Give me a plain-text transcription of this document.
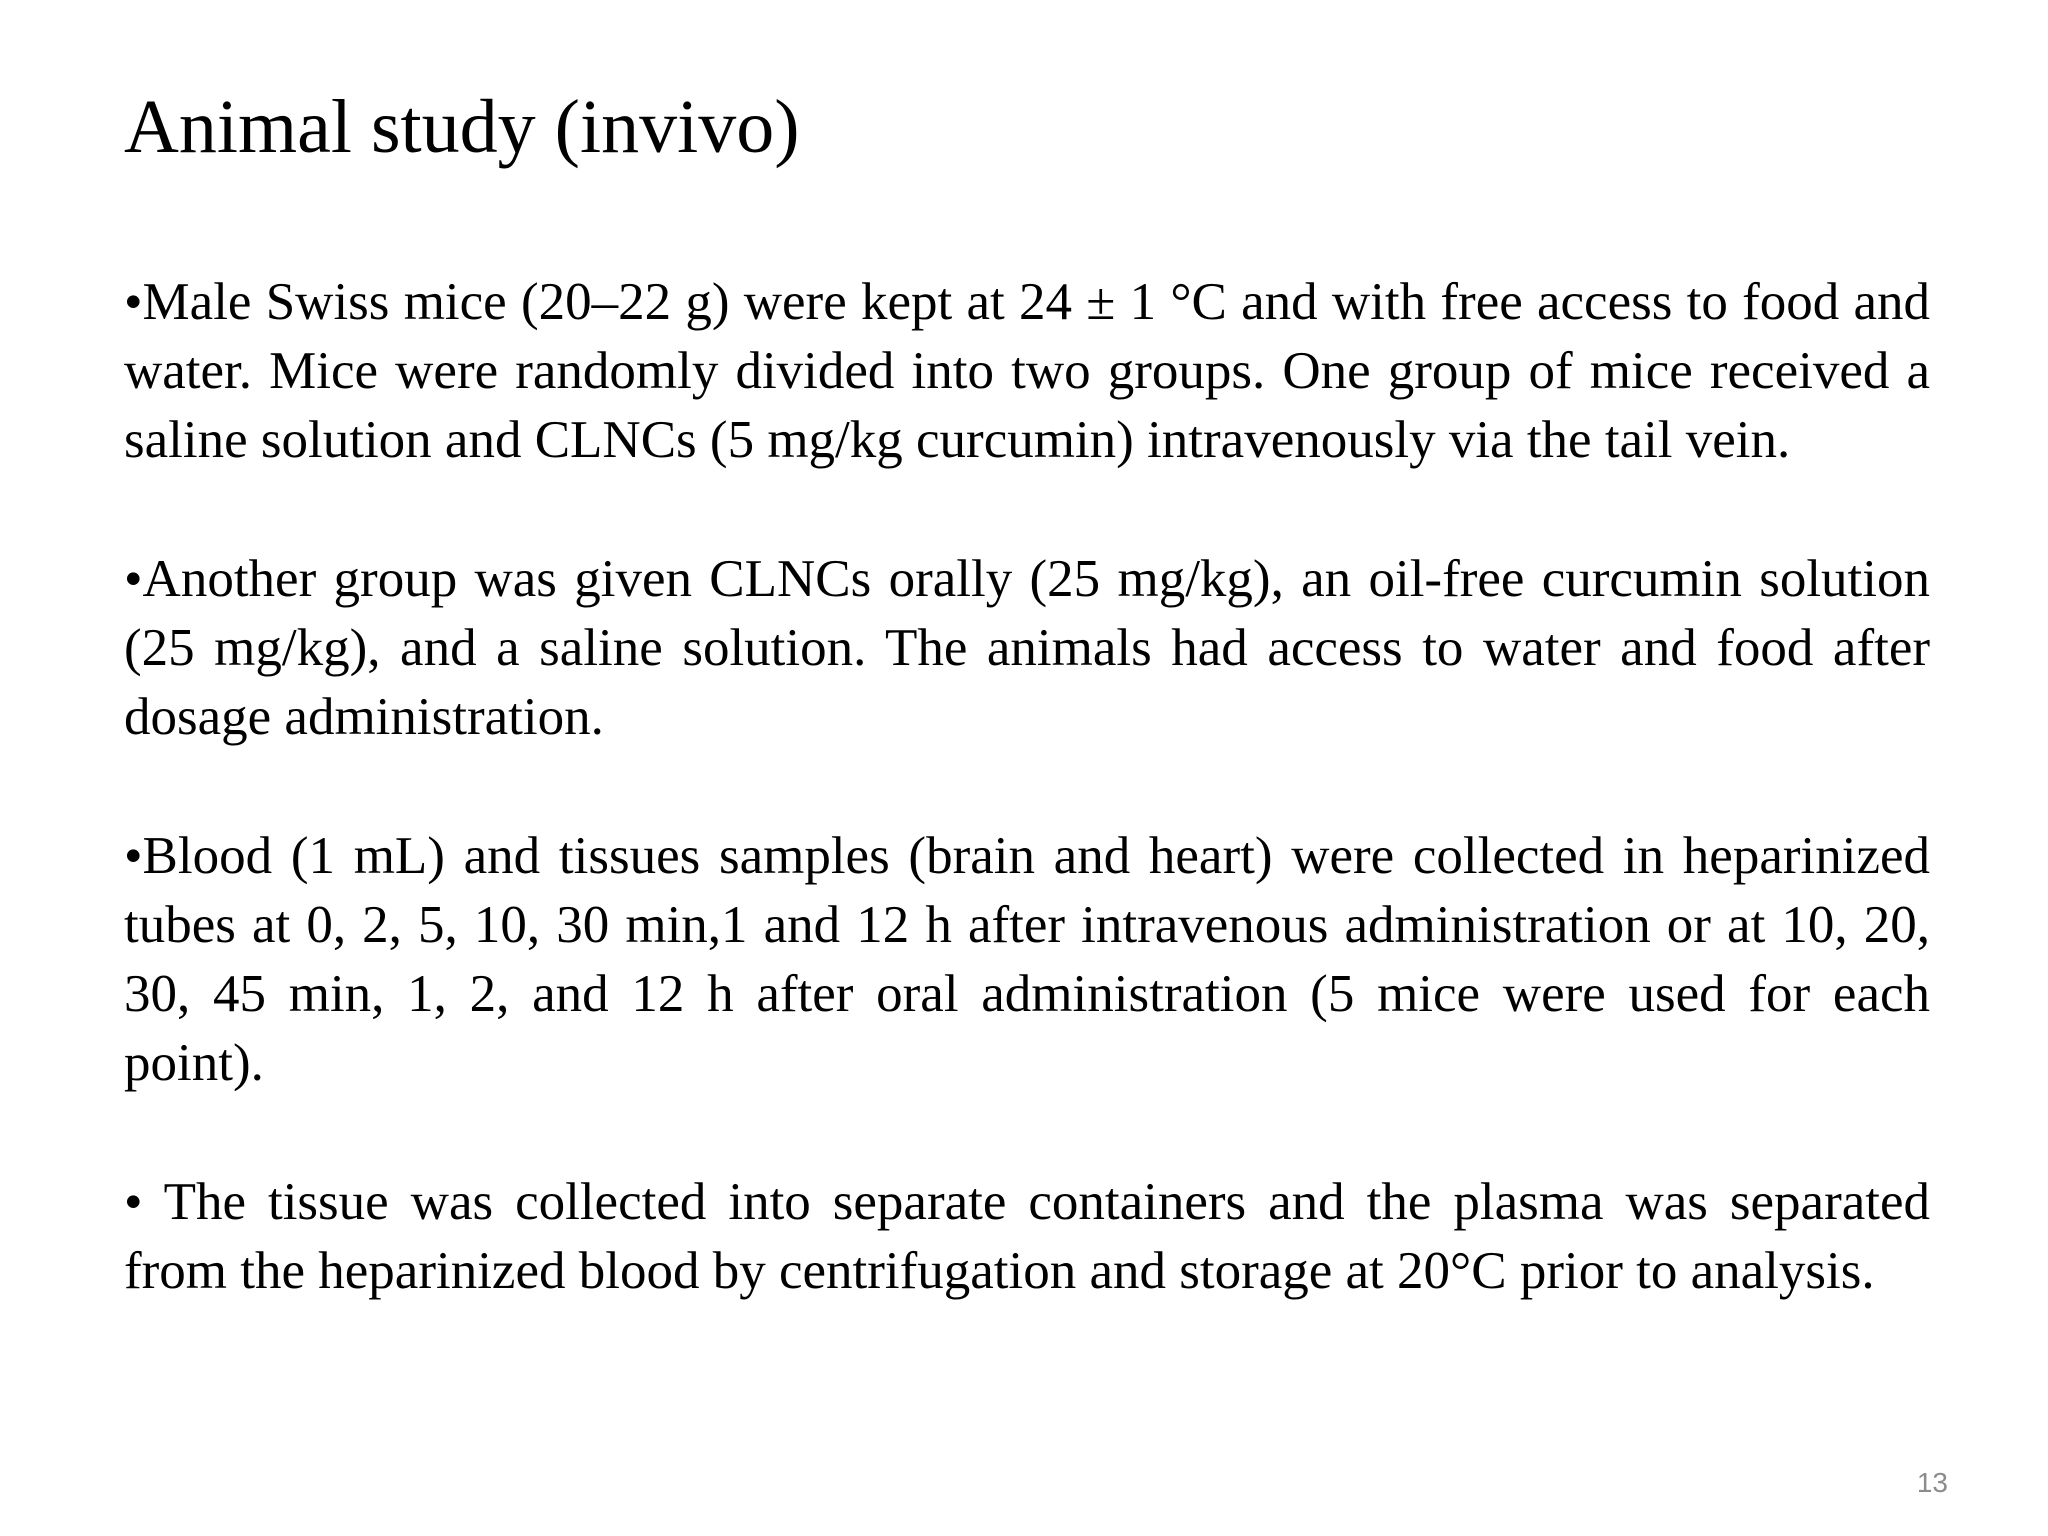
Animal study (invivo)

•Male Swiss mice (20–22 g) were kept at 24 ± 1 °C and with free access to food and water. Mice were randomly divided into two groups. One group of mice received a saline solution and CLNCs (5 mg/kg curcumin) intravenously via the tail vein.

•Another group was given CLNCs orally (25 mg/kg), an oil-free curcumin solution (25 mg/kg), and a saline solution. The animals had access to water and food after dosage administration.

•Blood (1 mL) and tissues samples (brain and heart) were collected in heparinized tubes at 0, 2, 5, 10, 30 min,1 and 12 h after intravenous administration or at 10, 20, 30, 45 min, 1, 2, and 12 h after oral administration (5 mice were used for each point).

• The tissue was collected into separate containers and the plasma was separated from the heparinized blood by centrifugation and storage at 20°C prior to analysis.

13
